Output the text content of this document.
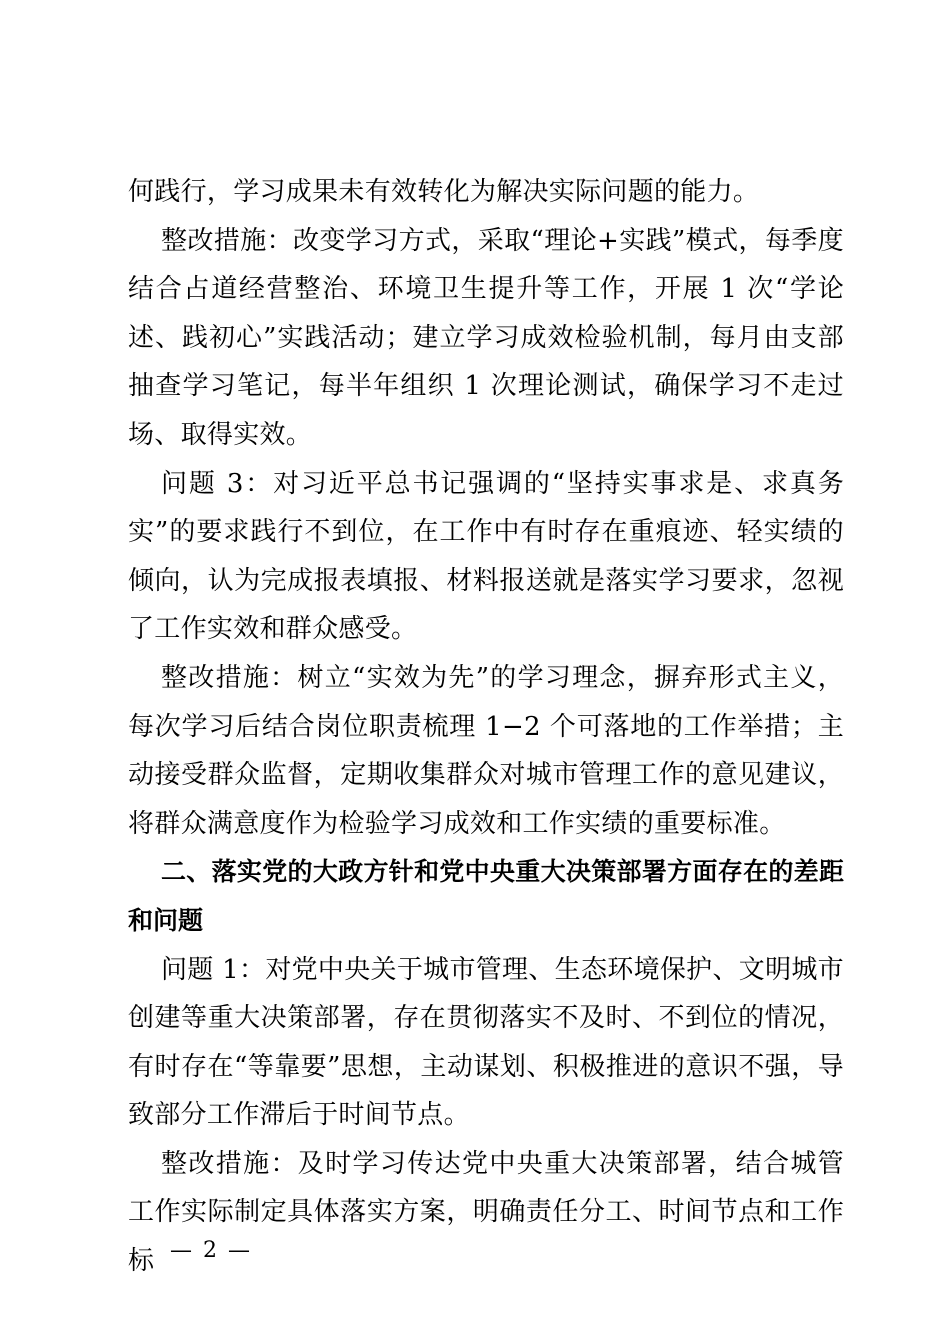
何践行，学习成果未有效转化为解决实际问题的能力。

整改措施：改变学习方式，采取“理论+实践”模式，每季度结合占道经营整治、环境卫生提升等工作，开展 1 次“学论述、践初心”实践活动；建立学习成效检验机制，每月由支部抽查学习笔记，每半年组织 1 次理论测试，确保学习不走过场、取得实效。

问题 3：对习近平总书记强调的“坚持实事求是、求真务实”的要求践行不到位，在工作中有时存在重痕迹、轻实绩的倾向，认为完成报表填报、材料报送就是落实学习要求，忽视了工作实效和群众感受。

整改措施：树立“实效为先”的学习理念，摒弃形式主义，每次学习后结合岗位职责梳理 1−2 个可落地的工作举措；主动接受群众监督，定期收集群众对城市管理工作的意见建议，将群众满意度作为检验学习成效和工作实绩的重要标准。

二、落实党的大政方针和党中央重大决策部署方面存在的差距和问题

问题 1：对党中央关于城市管理、生态环境保护、文明城市创建等重大决策部署，存在贯彻落实不及时、不到位的情况，有时存在“等靠要”思想，主动谋划、积极推进的意识不强，导致部分工作滞后于时间节点。

整改措施：及时学习传达党中央重大决策部署，结合城管工作实际制定具体落实方案，明确责任分工、时间节点和工作标 — 2 —
